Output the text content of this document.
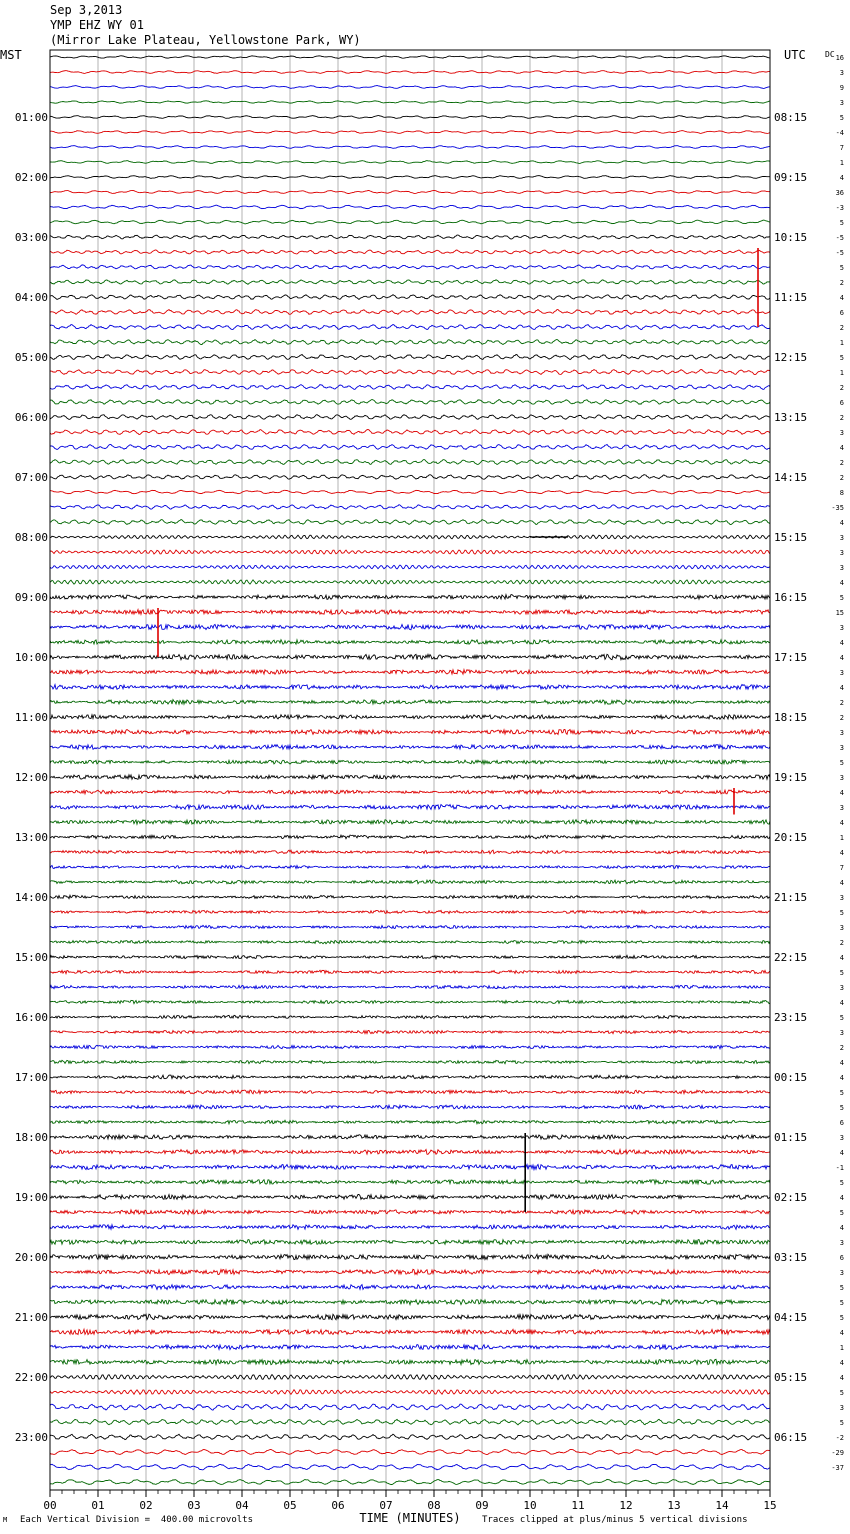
Sep 3,2013
YMP EHZ WY 01
(Mirror Lake Plateau, Yellowstone Park, WY)
MST	UTC
00	01	02	03	04	05	06	07	08	09	10	11	12	13	14	15
01:00
02:00
03:00
04:00
05:00
06:00
07:00
08:00
09:00
10:00
11:00
12:00
13:00
14:00
15:00
16:00
17:00
18:00
19:00
20:00
21:00
22:00
23:00
08:15
09:15
10:15
11:15
12:15
13:15
14:15
15:15
16:15
17:15
18:15
19:15
20:15
21:15
22:15
23:15
00:15
01:15
02:15
03:15
04:15
05:15
06:15
16
3
9
3
5
-4
7
1
4
36
-3
5
-5
-5
5
2
4
6
2
1
5
1
2
6
2
3
4
2
2
8
-35
4
3
3
3
4
5
15
3
4
4
3
4
2
2
3
3
5
3
4
3
4
1
4
7
4
3
5
3
2
4
5
3
4
5
3
2
4
4
5
5
6
3
4
-1
5
4
5
4
3
6
3
5
5
5
4
1
4
4
5
3
5
-2
-29
-37
TIME (MINUTES)
DC
M Each Vertical Division =  400.00 microvolts	Traces clipped at plus/minus 5 vertical divisions
